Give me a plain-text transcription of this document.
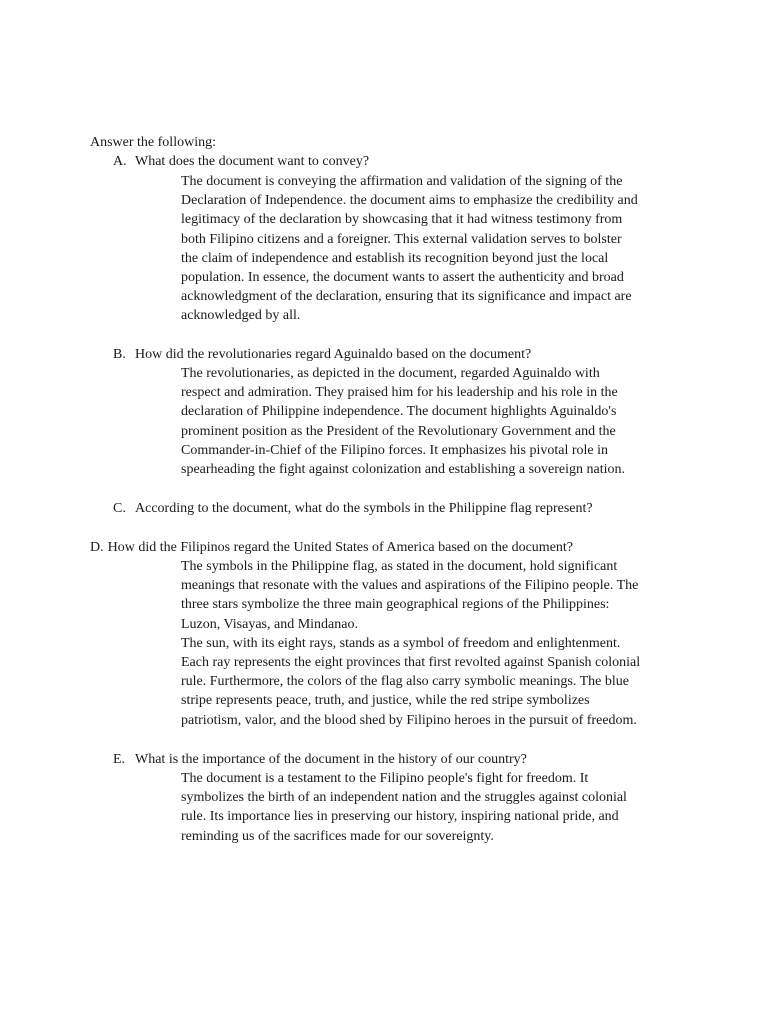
Answer the following:
A. What does the document want to convey?
The document is conveying the affirmation and validation of the signing of the
Declaration of Independence. the document aims to emphasize the credibility and
legitimacy of the declaration by showcasing that it had witness testimony from
both Filipino citizens and a foreigner. This external validation serves to bolster
the claim of independence and establish its recognition beyond just the local
population. In essence, the document wants to assert the authenticity and broad
acknowledgment of the declaration, ensuring that its significance and impact are
acknowledged by all.
B. How did the revolutionaries regard Aguinaldo based on the document?
The revolutionaries, as depicted in the document, regarded Aguinaldo with
respect and admiration. They praised him for his leadership and his role in the
declaration of Philippine independence. The document highlights Aguinaldo's
prominent position as the President of the Revolutionary Government and the
Commander-in-Chief of the Filipino forces. It emphasizes his pivotal role in
spearheading the fight against colonization and establishing a sovereign nation.
C. According to the document, what do the symbols in the Philippine flag represent?
D. How did the Filipinos regard the United States of America based on the document?
The symbols in the Philippine flag, as stated in the document, hold significant
meanings that resonate with the values and aspirations of the Filipino people. The
three stars symbolize the three main geographical regions of the Philippines:
Luzon, Visayas, and Mindanao.
The sun, with its eight rays, stands as a symbol of freedom and enlightenment.
Each ray represents the eight provinces that first revolted against Spanish colonial
rule. Furthermore, the colors of the flag also carry symbolic meanings. The blue
stripe represents peace, truth, and justice, while the red stripe symbolizes
patriotism, valor, and the blood shed by Filipino heroes in the pursuit of freedom.
E. What is the importance of the document in the history of our country?
The document is a testament to the Filipino people's fight for freedom. It
symbolizes the birth of an independent nation and the struggles against colonial
rule. Its importance lies in preserving our history, inspiring national pride, and
reminding us of the sacrifices made for our sovereignty.
